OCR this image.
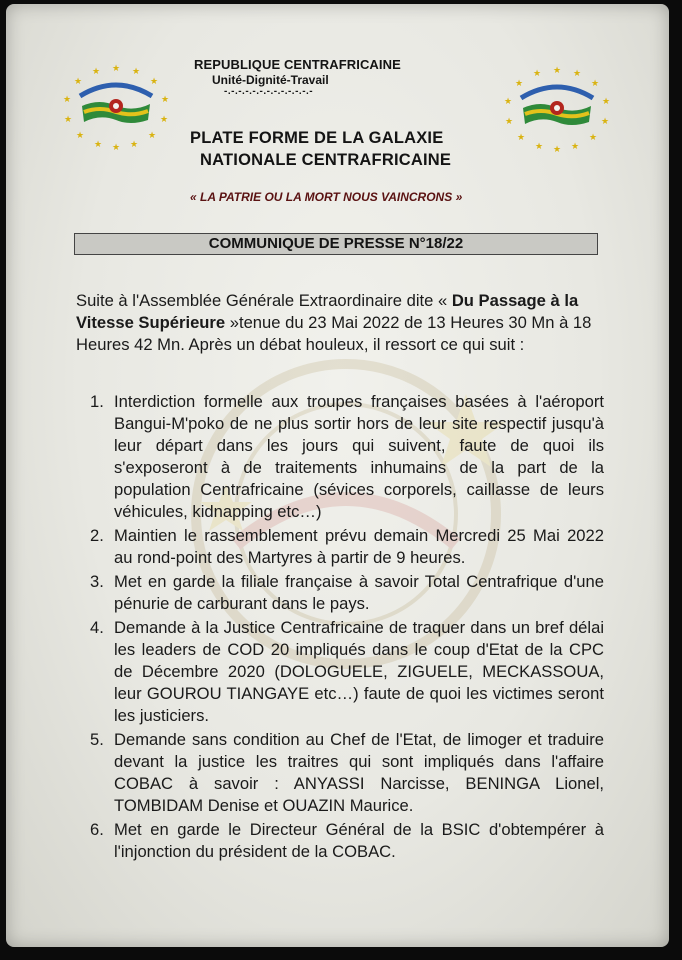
★
★	★
★	★
★	★
★	★
★	★
★	★
★
★
★	★
★	★
★	★
★	★
★	★
★	★
★
REPUBLIQUE CENTRAFRICAINE
Unité-Dignité-Travail
-.-.-.-.-.-.-.-.-.-.-.-.-
PLATE FORME DE LA GALAXIE
NATIONALE CENTRAFRICAINE
« LA PATRIE OU LA MORT NOUS VAINCRONS »
COMMUNIQUE DE PRESSE N°18/22

Suite à l'Assemblée Générale Extraordinaire dite « Du Passage à la Vitesse Supérieure »tenue du 23 Mai 2022 de 13 Heures 30 Mn à 18 Heures 42 Mn. Après un débat houleux, il ressort ce qui suit :

1. Interdiction formelle aux troupes françaises basées à l'aéroport Bangui-M'poko de ne plus sortir hors de leur site respectif jusqu'à leur départ dans les jours qui suivent, faute de quoi ils s'exposeront à de traitements inhumains de la part de la population Centrafricaine (sévices corporels, caillasse de leurs véhicules, kidnapping etc…)
2. Maintien le rassemblement prévu demain Mercredi 25 Mai 2022 au rond-point des Martyres à partir de 9 heures.
3. Met en garde la filiale française à savoir Total Centrafrique d'une pénurie de carburant dans le pays.
4. Demande à la Justice Centrafricaine de traquer dans un bref délai les leaders de COD 20 impliqués dans le coup d'Etat de la CPC de Décembre 2020 (DOLOGUELE, ZIGUELE, MECKASSOUA, leur GOUROU TIANGAYE etc…) faute de quoi les victimes seront les justiciers.
5. Demande sans condition au Chef de l'Etat, de limoger et traduire devant la justice les traitres qui sont impliqués dans l'affaire COBAC à savoir : ANYASSI Narcisse, BENINGA Lionel, TOMBIDAM Denise et OUAZIN Maurice.
6. Met en garde le Directeur Général de la BSIC d'obtempérer à l'injonction du président de la COBAC.
